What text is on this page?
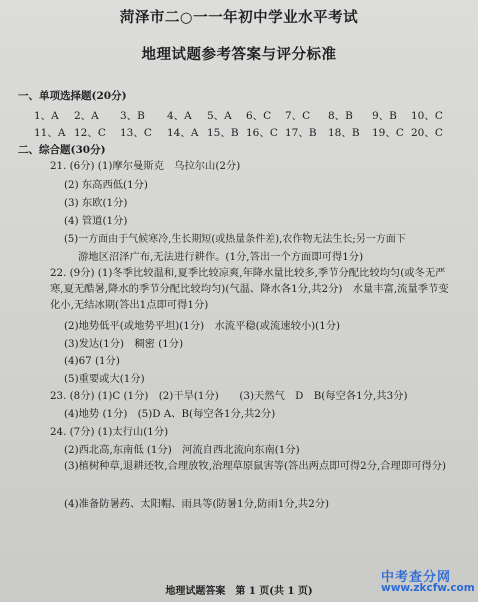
菏泽市二○一一年初中学业水平考试
地理试题参考答案与评分标准
一、单项选择题(20分)
1、A 2、A 3、B 4、A 5、A 6、C 7、C 8、B 9、B 10、C
11、A 12、C 13、C 14、A 15、B 16、C 17、B 18、B 19、C 20、C
二、综合题(30分)
21. (6分) (1)摩尔曼斯克　乌拉尔山(2分)
(2) 东高西低(1分)
(3) 东欧(1分)
(4) 管道(1分)
(5)一方面由于气候寒冷,生长期短(或热量条件差),农作物无法生长;另一方面下
游地区沼泽广布,无法进行耕作。(1分,答出一个方面即可得1分)
22. (9分) (1)冬季比较温和,夏季比较凉爽,年降水量比较多,季节分配比较均匀(或冬无严寒,夏无酷暑,降水的季节分配比较均匀)(气温、降水各1分,共2分)　水量丰富,流量季节变化小,无结冰期(答出1点即可得1分)
(2)地势低平(或地势平坦)(1分)　水流平稳(或流速较小)(1分)
(3)发达(1分)　稠密 (1分)
(4)67 (1分)
(5)重要或大(1分)
23. (8分) (1)C (1分)　(2)干旱(1分)　　(3)天然气　D　B(每空各1分,共3分)
(4)地势 (1分)　(5)D A、B(每空各1分,共2分)
24. (7分) (1)太行山(1分)
(2)西北高,东南低 (1分)　河流自西北流向东南(1分)
(3)植树种草,退耕还牧,合理放牧,治理草原鼠害等(答出两点即可得2分,合理即可得分)
(4)准备防暑药、太阳帽、雨具等(防暑1分,防雨1分,共2分)
地理试题答案　第 1 页(共 1 页)
中考查分网
www.zkcfw.com
